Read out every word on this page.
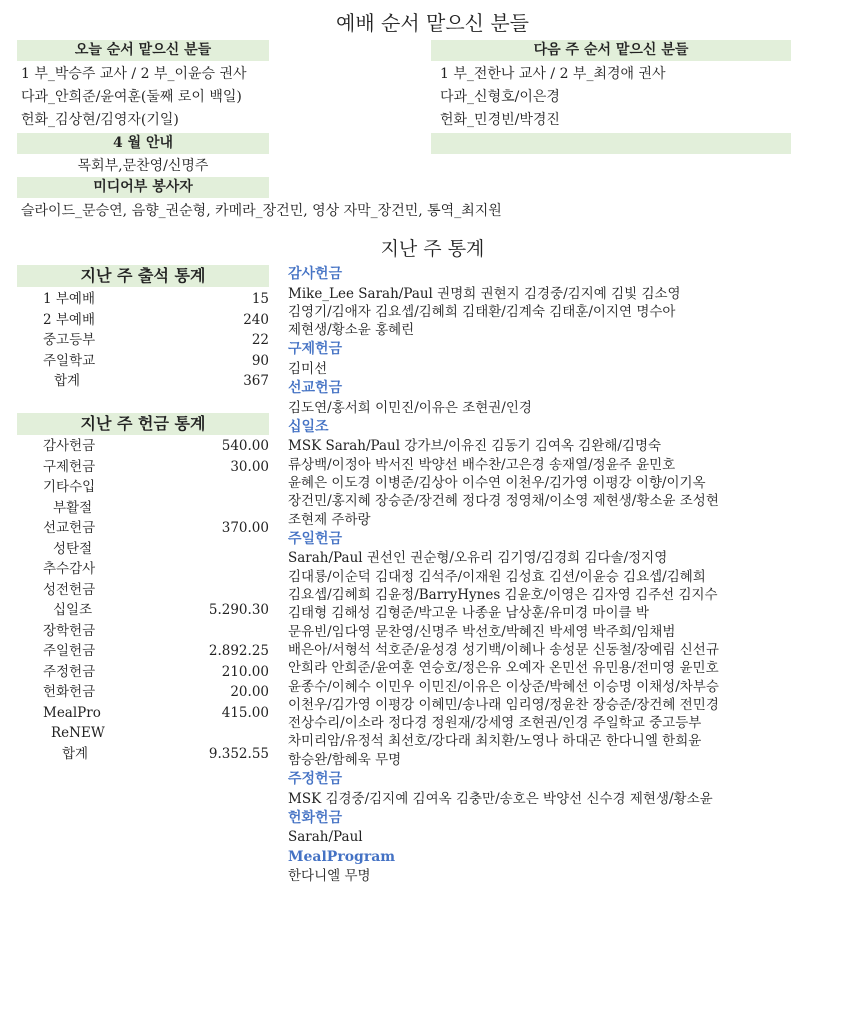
예배 순서 맡으신 분들
오늘 순서 맡으신 분들
1 부_박승주 교사 / 2 부_이윤승 권사
다과_안희준/윤여훈(둘째 로이 백일)
헌화_김상현/김영자(기일)
다음 주 순서 맡으신 분들
1 부_전한나 교사 / 2 부_최경애 권사
다과_신형호/이은경
헌화_민경빈/박경진
4 월 안내
목회부,문찬영/신명주
미디어부 봉사자
슬라이드_문승연, 음향_권순형, 카메라_장건민, 영상 자막_장건민, 통역_최지원
지난 주 통계
지난 주 출석 통계
1 부예배	15
2 부예배	240
중고등부	22
주일학교	90
합계	367
지난 주 헌금 통계
감사헌금	540.00
구제헌금	30.00
기타수입
부활절
선교헌금	370.00
성탄절
추수감사
성전헌금
십일조	5.290.30
장학헌금
주일헌금	2.892.25
주정헌금	210.00
헌화헌금	20.00
MealPro	415.00
ReNEW
합계	9.352.55
감사헌금
Mike_Lee Sarah/Paul 권명희 권현지 김경중/김지예 김빛 김소영
김영기/김애자 김요셉/김혜희 김태환/김계숙 김태훈/이지연 명수아
제현생/황소윤 홍혜린
구제헌금
김미선
선교헌금
김도연/홍서희 이민진/이유은 조현권/인경
십일조
MSK Sarah/Paul 강가브/이유진 김동기 김여옥 김완해/김명숙
류상백/이정아 박서진 박양선 배수찬/고은경 송재열/정윤주 윤민호
윤혜은 이도경 이병준/김상아 이수연 이천우/김가영 이평강 이향/이기옥
장건민/홍지혜 장승준/장건혜 정다경 정영채/이소영 제현생/황소윤 조성현
조현제 주하랑
주일헌금
Sarah/Paul 권선인 권순형/오유리 김기영/김경희 김다솔/정지영
김대룡/이순덕 김대정 김석주/이재원 김성효 김션/이윤승 김요셉/김혜희
김요셉/김혜희 김윤정/BarryHynes 김윤호/이영은 김자영 김주선 김지수
김태형 김해성 김형준/박고운 나종윤 남상훈/유미경 마이클 박
문유빈/임다영 문찬영/신명주 박선호/박혜진 박세영 박주희/임채범
배은아/서형석 석호준/윤성경 성기백/이혜나 송성문 신동철/장예림 신선규
안희라 안희준/윤여훈 연승호/정은유 오예자 온민선 유민용/전미영 윤민호
윤종수/이혜수 이민우 이민진/이유은 이상준/박혜선 이승명 이채성/차부승
이천우/김가영 이평강 이혜민/송나래 임리영/정윤찬 장승준/장건혜 전민경
전상수리/이소라 정다경 정원재/강세영 조현권/인경 주일학교 중고등부
차미리암/유정석 최선호/강다래 최치환/노영나 하대곤 한다니엘 한희윤
함승완/함혜욱 무명
주정헌금
MSK 김경중/김지예 김여옥 김충만/송호은 박양선 신수경 제현생/황소윤
헌화헌금
Sarah/Paul
MealProgram
한다니엘 무명
